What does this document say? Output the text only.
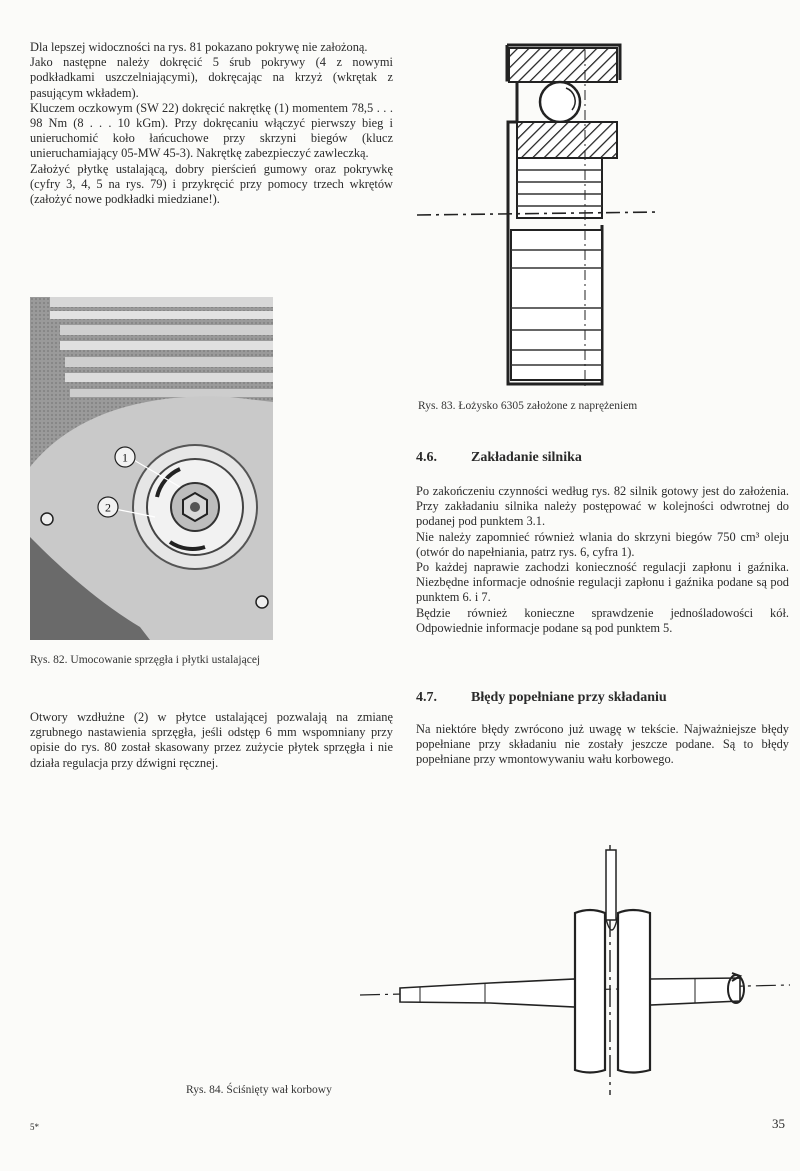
Dla lepszej widoczności na rys. 81 pokazano pokrywę nie założoną.

Jako następne należy dokręcić 5 śrub pokrywy (4 z nowymi podkładkami uszczelniającymi), dokręcając na krzyż (wkrętak z pasującym wkładem).

Kluczem oczkowym (SW 22) dokręcić nakrętkę (1) momentem 78,5 . . . 98 Nm (8 . . . 10 kGm). Przy dokręcaniu włączyć pierwszy bieg i unieruchomić koło łańcuchowe przy skrzyni biegów (klucz unieruchamiający 05-MW 45-3). Nakrętkę zabezpieczyć zawleczką.

Założyć płytkę ustalającą, dobry pierścień gumowy oraz pokrywkę (cyfry 3, 4, 5 na rys. 79) i przykręcić przy pomocy trzech wkrętów (założyć nowe podkładki miedziane!).

1
2
Rys. 82. Umocowanie sprzęgła i płytki ustalającej

Otwory wzdłużne (2) w płytce ustalającej pozwalają na zmianę zgrubnego nastawienia sprzęgła, jeśli odstęp 6 mm wspomniany przy opisie do rys. 80 został skasowany przez zużycie płytek sprzęgła i nie działa regulacja przy dźwigni ręcznej.

Rys. 83. Łożysko 6305 założone z naprężeniem
4.6. Zakładanie silnika

Po zakończeniu czynności według rys. 82 silnik gotowy jest do założenia. Przy zakładaniu silnika należy postępować w kolejności odwrotnej do podanej pod punktem 3.1.

Nie należy zapomnieć również wlania do skrzyni biegów 750 cm³ oleju (otwór do napełniania, patrz rys. 6, cyfra 1).

Po każdej naprawie zachodzi konieczność regulacji zapłonu i gaźnika. Niezbędne informacje odnośnie regulacji zapłonu i gaźnika podane są pod punktem 6. i 7.

Będzie również konieczne sprawdzenie jednośladowości kół. Odpowiednie informacje podane są pod punktem 5.

4.7. Błędy popełniane przy składaniu

Na niektóre błędy zwrócono już uwagę w tekście. Najważniejsze błędy popełniane przy składaniu nie zostały jeszcze podane. Są to błędy popełniane przy wmontowywaniu wału korbowego.

Rys. 84. Ściśnięty wał korbowy
5*	35
